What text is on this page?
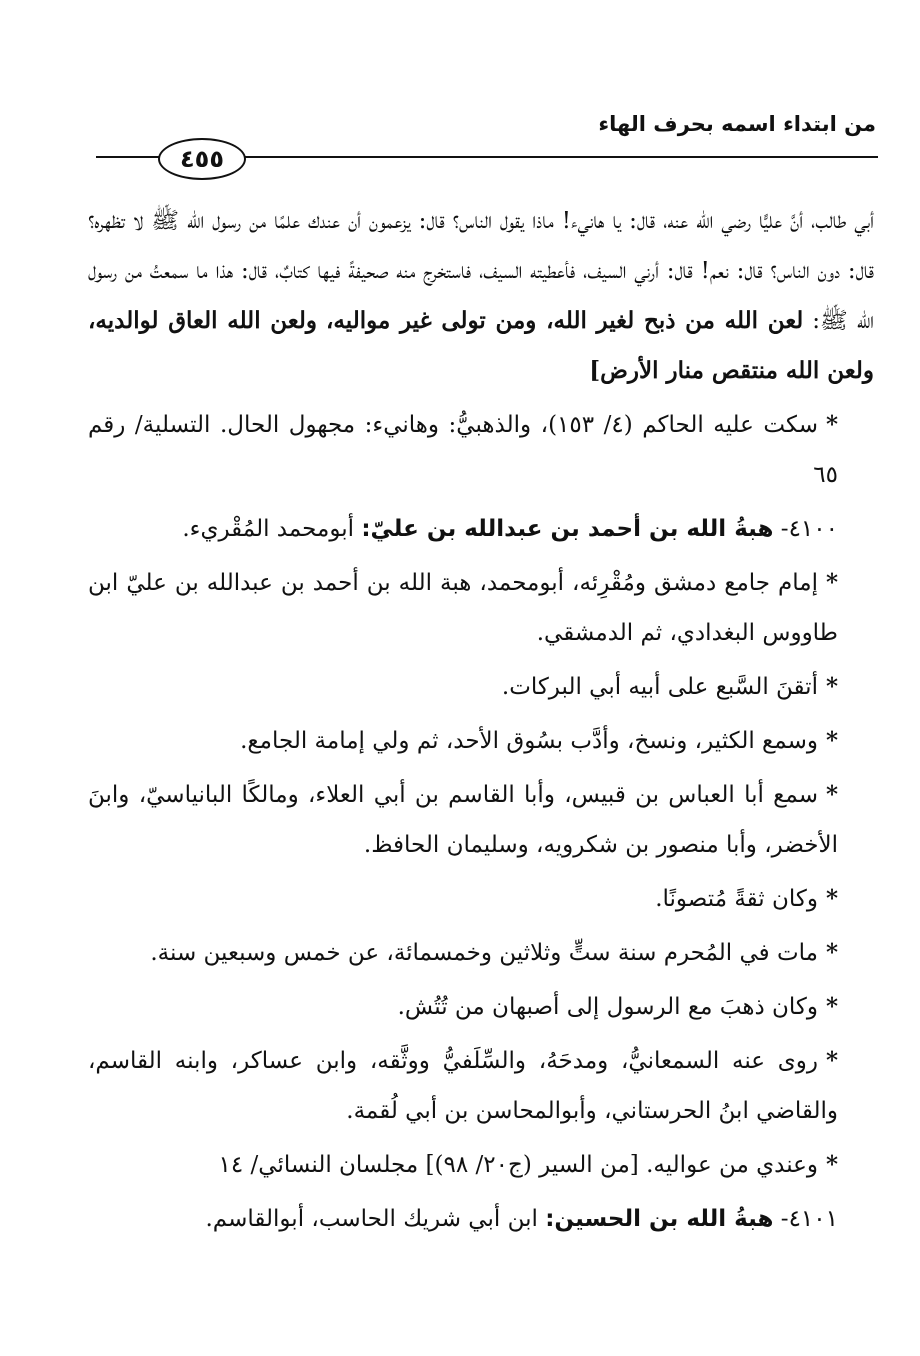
من ابتداء اسمه بحرف الهاء
٤٥٥

أبي طالب، أنَّ عليًّا رضي الله عنه، قال: يا هانيء! ماذا يقول الناس؟ قال: يزعمون أن عندك علمًا من رسول الله ﷺ لا تظهره؟ قال: دون الناس؟ قال: نعم! قال: أرني السيف، فأعطيته السيف، فاستخرج منه صحيفةً فيها كتابٌ، قال: هذا ما سمعتُ من رسول الله ﷺ: لعن الله من ذبح لغير الله، ومن تولى غير مواليه، ولعن الله العاق لوالديه، ولعن الله منتقص منار الأرض]

*سكت عليه الحاكم (٤/ ١٥٣)، والذهبيُّ: وهانيء: مجهول الحال. التسلية/ رقم ٦٥

٤١٠٠- هبةُ الله بن أحمد بن عبدالله بن عليّ: أبومحمد المُقْريء.

*إمام جامع دمشق ومُقْرِئه، أبومحمد، هبة الله بن أحمد بن عبدالله بن عليّ ابن طاووس البغدادي، ثم الدمشقي.

*أتقنَ السَّبع على أبيه أبي البركات.

*وسمع الكثير، ونسخ، وأدَّب بسُوق الأحد، ثم ولي إمامة الجامع.

*سمع أبا العباس بن قبيس، وأبا القاسم بن أبي العلاء، ومالكًا البانياسيّ، وابنَ الأخضر، وأبا منصور بن شكرويه، وسليمان الحافظ.

*وكان ثقةً مُتصونًا.

*مات في المُحرم سنة ستٍّ وثلاثين وخمسمائة، عن خمس وسبعين سنة.

*وكان ذهبَ مع الرسول إلى أصبهان من تُتُش.

*روى عنه السمعانيُّ، ومدحَهُ، والسِّلَفيُّ ووثَّقه، وابن عساكر، وابنه القاسم، والقاضي ابنُ الحرستاني، وأبوالمحاسن بن أبي لُقمة.

*وعندي من عواليه. [من السير (ج٢٠/ ٩٨)] مجلسان النسائي/ ١٤

٤١٠١- هبةُ الله بن الحسين: ابن أبي شريك الحاسب، أبوالقاسم.
